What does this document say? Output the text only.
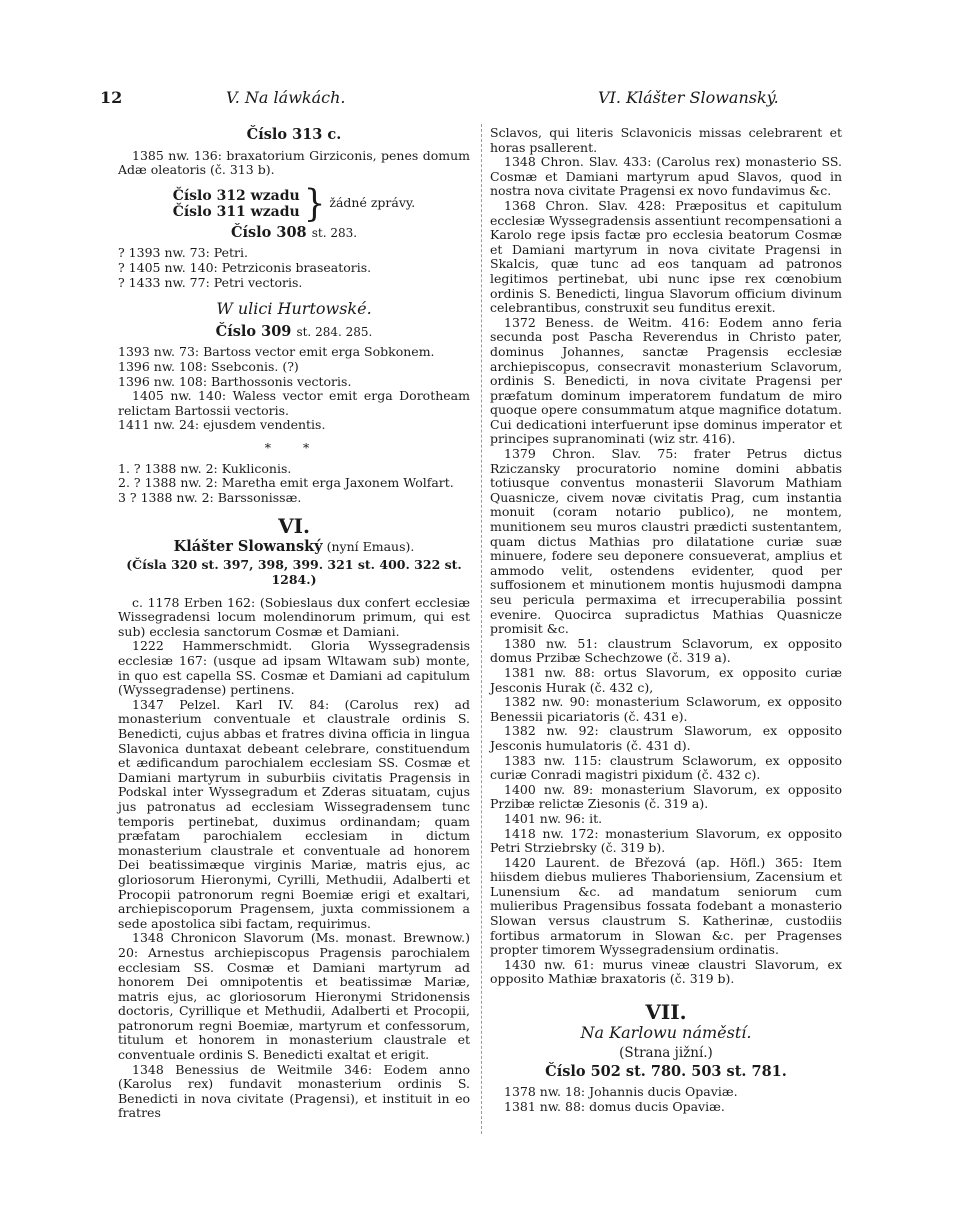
12	V. Na láwkách.	VI. Klášter Slowanský.

Číslo 313 c.

1385 nw. 136: braxatorium Girziconis, penes domum Adæ oleatoris (č. 313 b).

Číslo 312 wzadu
Číslo 311 wzadu } žádné zprávy.

Číslo 308 st. 283.

? 1393 nw. 73: Petri.

? 1405 nw. 140: Petrziconis braseatoris.

? 1433 nw. 77: Petri vectoris.

W ulici Hurtowské.

Číslo 309 st. 284. 285.

1393 nw. 73: Bartoss vector emit erga Sobkonem.

1396 nw. 108: Ssebconis. (?)

1396 nw. 108: Barthossonis vectoris.

1405 nw. 140: Waless vector emit erga Dorotheam relictam Bartossii vectoris.

1411 nw. 24: ejusdem vendentis.

* *

1. ? 1388 nw. 2: Kukliconis.

2. ? 1388 nw. 2: Maretha emit erga Jaxonem Wolfart.

3 ? 1388 nw. 2: Barssonissæ.

VI.

Klášter Slowanský (nyní Emaus).

(Čísla 320 st. 397, 398, 399. 321 st. 400. 322 st. 1284.)

c. 1178 Erben 162: (Sobieslaus dux confert ecclesiæ Wissegradensi locum molendinorum primum, qui est sub) ecclesia sanctorum Cosmæ et Damiani.

1222 Hammerschmidt. Gloria Wyssegradensis ecclesiæ 167: (usque ad ipsam Wltawam sub) monte, in quo est capella SS. Cosmæ et Damiani ad capitulum (Wyssegradense) pertinens.

1347 Pelzel. Karl IV. 84: (Carolus rex) ad monasterium conventuale et claustrale ordinis S. Benedicti, cujus abbas et fratres divina officia in lingua Slavonica duntaxat debeant celebrare, constituendum et ædificandum parochialem ecclesiam SS. Cosmæ et Damiani martyrum in suburbiis civitatis Pragensis in Podskal inter Wyssegradum et Zderas situatam, cujus jus patronatus ad ecclesiam Wissegradensem tunc temporis pertinebat, duximus ordinandam; quam præfatam parochialem ecclesiam in dictum monasterium claustrale et conventuale ad honorem Dei beatissimæque virginis Mariæ, matris ejus, ac gloriosorum Hieronymi, Cyrilli, Methudii, Adalberti et Procopii patronorum regni Boemiæ erigi et exaltari, archiepiscoporum Pragensem, juxta commissionem a sede apostolica sibi factam, requirimus.

1348 Chronicon Slavorum (Ms. monast. Brewnow.) 20: Arnestus archiepiscopus Pragensis parochialem ecclesiam SS. Cosmæ et Damiani martyrum ad honorem Dei omnipotentis et beatissimæ Mariæ, matris ejus, ac gloriosorum Hieronymi Stridonensis doctoris, Cyrillique et Methudii, Adalberti et Procopii, patronorum regni Boemiæ, martyrum et confessorum, titulum et honorem in monasterium claustrale et conventuale ordinis S. Benedicti exaltat et erigit.

1348 Benessius de Weitmile 346: Eodem anno (Karolus rex) fundavit monasterium ordinis S. Benedicti in nova civitate (Pragensi), et instituit in eo fratres

Sclavos, qui literis Sclavonicis missas celebrarent et horas psallerent.

1348 Chron. Slav. 433: (Carolus rex) monasterio SS. Cosmæ et Damiani martyrum apud Slavos, quod in nostra nova civitate Pragensi ex novo fundavimus &c.

1368 Chron. Slav. 428: Præpositus et capitulum ecclesiæ Wyssegradensis assentiunt recompensationi a Karolo rege ipsis factæ pro ecclesia beatorum Cosmæ et Damiani martyrum in nova civitate Pragensi in Skalcis, quæ tunc ad eos tanquam ad patronos legitimos pertinebat, ubi nunc ipse rex cœnobium ordinis S. Benedicti, lingua Slavorum officium divinum celebrantibus, construxit seu funditus erexit.

1372 Beness. de Weitm. 416: Eodem anno feria secunda post Pascha Reverendus in Christo pater, dominus Johannes, sanctæ Pragensis ecclesiæ archiepiscopus, consecravit monasterium Sclavorum, ordinis S. Benedicti, in nova civitate Pragensi per præfatum dominum imperatorem fundatum de miro quoque opere consummatum atque magnifice dotatum. Cui dedicationi interfuerunt ipse dominus imperator et principes supranominati (wiz str. 416).

1379 Chron. Slav. 75: frater Petrus dictus Rziczansky procuratorio nomine domini abbatis totiusque conventus monasterii Slavorum Mathiam Quasnicze, civem novæ civitatis Prag, cum instantia monuit (coram notario publico), ne montem, munitionem seu muros claustri prædicti sustentantem, quam dictus Mathias pro dilatatione curiæ suæ minuere, fodere seu deponere consueverat, amplius et ammodo velit, ostendens evidenter, quod per suffosionem et minutionem montis hujusmodi dampna seu pericula permaxima et irrecuperabilia possint evenire. Quocirca supradictus Mathias Quasnicze promisit &c.

1380 nw. 51: claustrum Sclavorum, ex opposito domus Przibæ Schechzowe (č. 319 a).

1381 nw. 88: ortus Slavorum, ex opposito curiæ Jesconis Hurak (č. 432 c),

1382 nw. 90: monasterium Sclaworum, ex opposito Benessii picariatoris (č. 431 e).

1382 nw. 92: claustrum Slaworum, ex opposito Jesconis humulatoris (č. 431 d).

1383 nw. 115: claustrum Sclaworum, ex opposito curiæ Conradi magistri pixidum (č. 432 c).

1400 nw. 89: monasterium Slavorum, ex opposito Przibæ relictæ Ziesonis (č. 319 a).

1401 nw. 96: it.

1418 nw. 172: monasterium Slavorum, ex opposito Petri Strziebrsky (č. 319 b).

1420 Laurent. de Březová (ap. Höfl.) 365: Item hiisdem diebus mulieres Thaboriensium, Zacensium et Lunensium &c. ad mandatum seniorum cum mulieribus Pragensibus fossata fodebant a monasterio Slowan versus claustrum S. Katherinæ, custodiis fortibus armatorum in Slowan &c. per Pragenses propter timorem Wyssegradensium ordinatis.

1430 nw. 61: murus vineæ claustri Slavorum, ex opposito Mathiæ braxatoris (č. 319 b).

VII.

Na Karlowu náměstí.

(Strana jižní.)

Číslo 502 st. 780. 503 st. 781.

1378 nw. 18: Johannis ducis Opaviæ.

1381 nw. 88: domus ducis Opaviæ.
